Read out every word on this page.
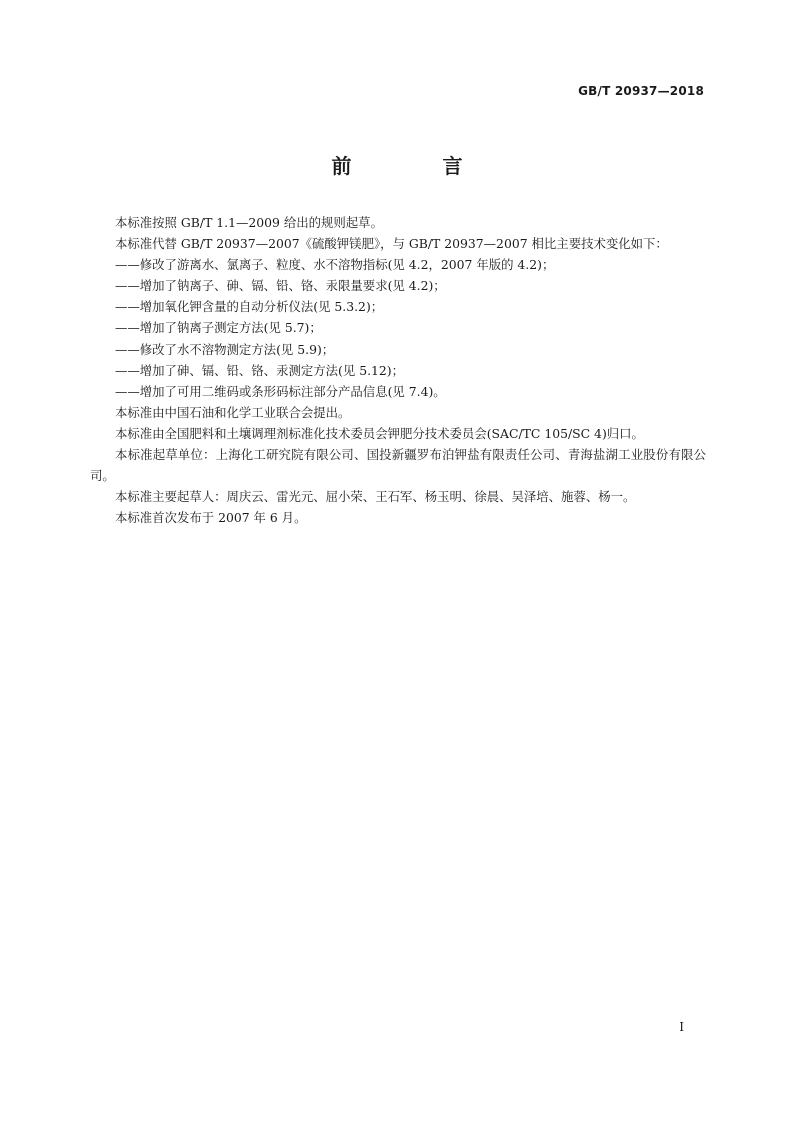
GB/T 20937—2018
前 言

本标准按照 GB/T 1.1—2009 给出的规则起草。

本标准代替 GB/T 20937—2007《硫酸钾镁肥》，与 GB/T 20937—2007 相比主要技术变化如下：

——修改了游离水、氯离子、粒度、水不溶物指标(见 4.2，2007 年版的 4.2)；

——增加了钠离子、砷、镉、铅、铬、汞限量要求(见 4.2)；

——增加氧化钾含量的自动分析仪法(见 5.3.2)；

——增加了钠离子测定方法(见 5.7)；

——修改了水不溶物测定方法(见 5.9)；

——增加了砷、镉、铅、铬、汞测定方法(见 5.12)；

——增加了可用二维码或条形码标注部分产品信息(见 7.4)。

本标准由中国石油和化学工业联合会提出。

本标准由全国肥料和土壤调理剂标准化技术委员会钾肥分技术委员会(SAC/TC 105/SC 4)归口。

本标准起草单位：上海化工研究院有限公司、国投新疆罗布泊钾盐有限责任公司、青海盐湖工业股份有限公司。

本标准主要起草人：周庆云、雷光元、屈小荣、王石军、杨玉明、徐晨、吴泽培、施蓉、杨一。

本标准首次发布于 2007 年 6 月。

I
